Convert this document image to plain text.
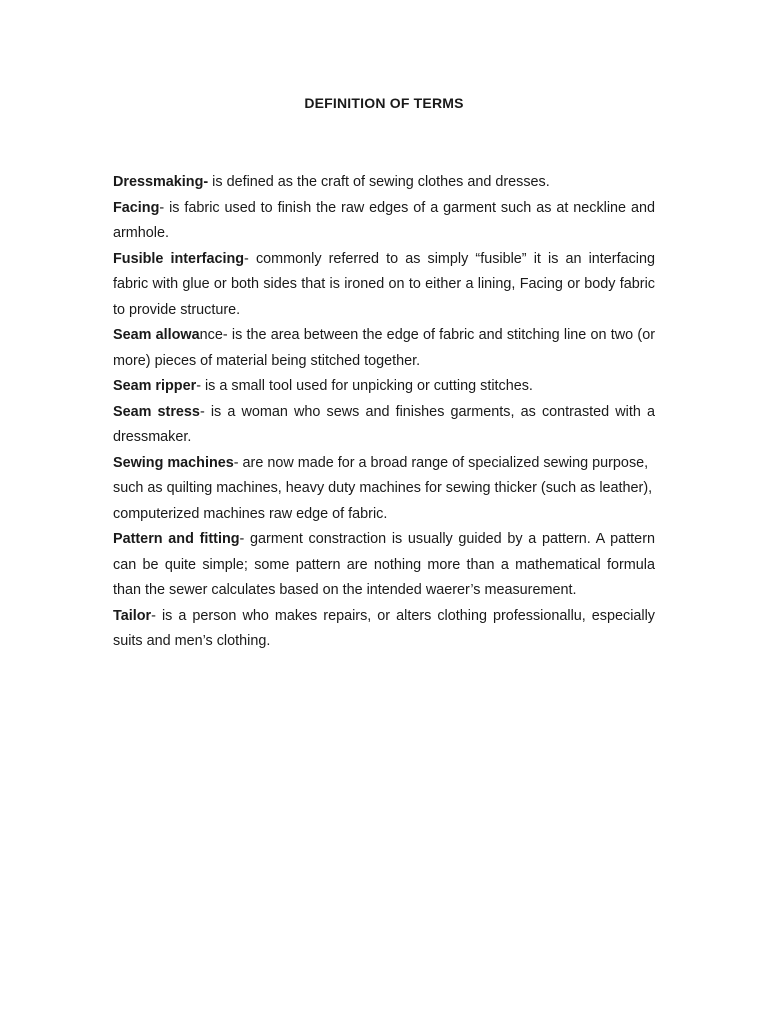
DEFINITION OF TERMS

Dressmaking- is defined as the craft of sewing clothes and dresses.

Facing- is fabric used to finish the raw edges of a garment such as at neckline and armhole.

Fusible interfacing- commonly referred to as simply “fusible” it is an interfacing fabric with glue or both sides that is ironed on to either a lining, Facing or body fabric to provide structure.

Seam allowance- is the area between the edge of fabric and stitching line on two (or more) pieces of material being stitched together.

Seam ripper- is a small tool used for unpicking or cutting stitches.

Seam stress- is a woman who sews and finishes garments, as contrasted with a dressmaker.

Sewing machines- are now made for a broad range of specialized sewing purpose, such as quilting machines, heavy duty machines for sewing thicker (such as leather), computerized machines raw edge of fabric.

Pattern and fitting- garment constraction is usually guided by a pattern. A pattern can be quite simple; some pattern are nothing more than a mathematical formula than the sewer calculates based on the intended waerer’s measurement.

Tailor- is a person who makes repairs, or alters clothing professionallu, especially suits and men’s clothing.
